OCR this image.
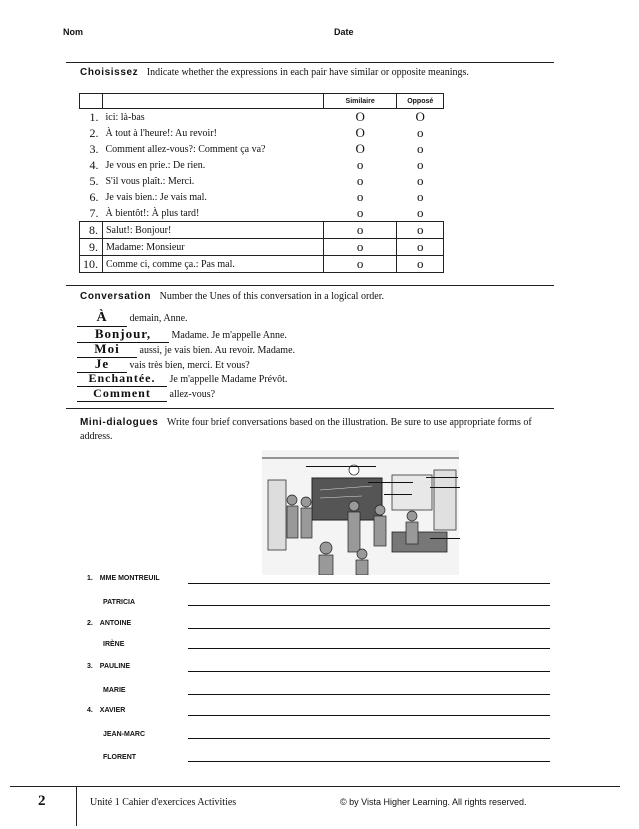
Nom	Date
Choisissez Indicate whether the expressions in each pair have similar or opposite meanings.
		Similaire	Opposé
1.	ici: là-bas	O	O
2.	À tout à l'heure!: Au revoir!	O	o
3.	Comment allez-vous?: Comment ça va?	O	o
4.	Je vous en prie.: De rien.	o	o
5.	S'il vous plaît.: Merci.	o	o
6.	Je vais bien.: Je vais mal.	o	o
7.	À bientôt!: À plus tard!	o	o
8.	Salut!: Bonjour!	o	o
9.	Madame: Monsieur	o	o
10.	Comme ci, comme ça.: Pas mal.	o	o
Conversation Number the Unes of this conversation in a logical order.
À demain, Anne.
Bonjour, Madame. Je m'appelle Anne.
Moi aussi, je vais bien. Au revoir. Madame.
Je vais très bien, merci. Et vous?
Enchantée. Je m'appelle Madame Prévôt.
Comment allez-vous?
Mini-dialogues Write four brief conversations based on the illustration. Be sure to use appropriate forms of address.
1. MME MONTREUIL
PATRICIA
2. ANTOINE
IRÈNE
3. PAULINE
MARIE
4. XAVIER
JEAN-MARC
FLORENT
2	Unité 1 Cahier d'exercices Activities	© by Vista Higher Learning. All rights reserved.
